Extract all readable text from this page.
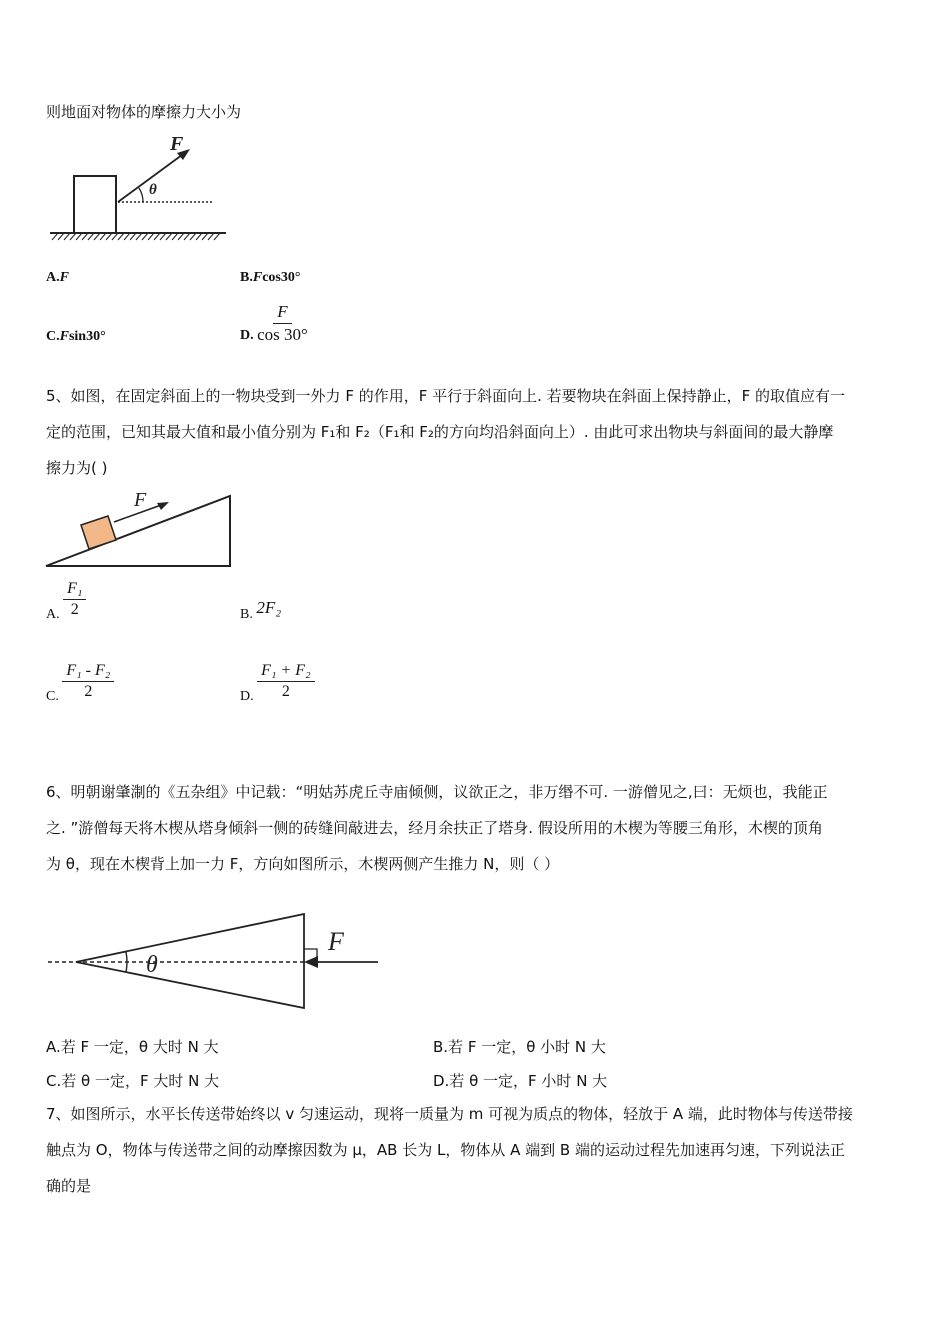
则地面对物体的摩擦力大小为
F
θ
A.F	B.Fcos30°
C.Fsin30°	D. $\frac{F}{\cos 30^\circ}$
5、如图，在固定斜面上的一物块受到一外力 F 的作用，F 平行于斜面向上. 若要物块在斜面上保持静止，F 的取值应有一
定的范围，已知其最大值和最小值分别为 F₁和 F₂（F₁和 F₂的方向均沿斜面向上）. 由此可求出物块与斜面间的最大静摩
擦力为( )
F
A. $\frac{\text{F₁}}{2}$	B. 2F₂
C. $\frac{\text{F₁ - F₂}}{2}$	D. $\frac{\text{F₁ + F₂}}{2}$
6、明朝谢肇淛的《五杂组》中记载：“明姑苏虎丘寺庙倾侧，议欲正之，非万缗不可. 一游僧见之,曰：无烦也，我能正
之. ”游僧每天将木楔从塔身倾斜一侧的砖缝间敲进去，经月余扶正了塔身. 假设所用的木楔为等腰三角形，木楔的顶角
为 θ，现在木楔背上加一力 F，方向如图所示，木楔两侧产生推力 N，则（ ）
θ
F
A.若 F 一定，θ 大时 N 大	B.若 F 一定，θ 小时 N 大
C.若 θ 一定，F 大时 N 大	D.若 θ 一定，F 小时 N 大
7、如图所示，水平长传送带始终以 v 匀速运动，现将一质量为 m 可视为质点的物体，轻放于 A 端，此时物体与传送带接
触点为 O，物体与传送带之间的动摩擦因数为 μ，AB 长为 L，物体从 A 端到 B 端的运动过程先加速再匀速，下列说法正
确的是
